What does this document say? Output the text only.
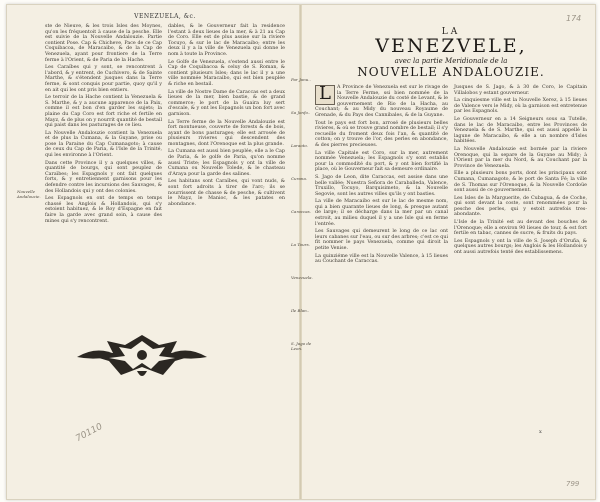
VENEZUELA, &c.
Nouvelle Andalouzie.

ste de Nieuve, & les trois Isles des Moynes, qu'on les fréquentoit à cause de la pesche. Elle est suivie de la Nouvelle Andalouzie. Partie contient Pose. Cap & Chicheve, Pace de ce Cap Coquibacoa, de Maracaibo, & de la Cap de Venezuela, ayant pour frontiere de la Terre ferme à l'Orient, & de Paria de la Hache.

Les Caraïbes qui y sont, se rencontrent à l'abord, & y entrent, de Cuchivero, & de Sainte Marthe, & s'étendent jusques dans la Terre ferme, & sont conquis pour partie, quoy qu'il y en ait qui les ont pris bien entiers.

Le terroir de la Hache contient la Venezuela & S. Marthe, & y a aucune apparence de la Paix, comme il est bon d'en garder les sujets; la plaine du Cap Coro est fort riche et fertile en Mayz, & de plus on y nourrit quantité de bestail qui paist dans les pasturages de ce lieu.

La Nouvelle Andalouzie contient la Venezuela et de plus la Cumana, & la Guyane, prise ou pose la Paraine du Cap Cumanagoto; à cause de ceux du Cap de Paria, & l'Isle de la Trinité, qui les environne à l'Orient.

Dans cette Province il y a quelques villes, & quantité de bourgs, qui sont peuplez de Caraïbes; les Espagnols y ont fait quelques forts, & y entretiennent garnisons pour les defendre contre les incursions des Sauvages, & des Hollandois qui y ont des colonies.

Les Espagnols en ont de temps en temps chassé les Anglois & Hollandois, qui s'y estoient habituez, & le Roy d'Espagne en fait faire la garde avec grand soin, à cause des mines qui s'y rencontrent.

dables, & le Gouverneur fait la residence l'estant à deux lieues de la mer, & à 21 au Cap de Coro. Elle est de plus assise sur la riviere Tocuyo, & sur le lac de Maracaibo; entre les deux il y a la ville de Venezuela qui donne le nom à toute la Province.

Le Golfe de Venezuela, s'estend aussi entre le Cap de Coquibacoa & celuy de S. Roman, & contient plusieurs Isles; dans le lac il y a une ville nommée Maracaibo, qui est bien peuplée & riche en bestail.

La ville de Nostre Dame de Caraccas est a deux lieues de la mer, bien bastie, & de grand commerce; le port de la Guaira luy sert d'escale, & y ont les Espagnols un bon fort avec garnison.

La Terre ferme de la Nouvelle Andalouzie est fort montueuse, couverte de forests & de bois, ayant de bons pasturages; elle est arrosée de plusieurs rivieres qui descendent des montagnes, dont l'Orenoque est la plus grande.

La Cumana est aussi bien peuplée, elle a le Cap de Paria, & le golfe de Paria, qu'on nomme aussi Triste; les Espagnols y ont la ville de Cumana ou Nouvelle Tolede, & le chasteau d'Araya pour la garde des salines.

Les habitans sont Caraïbes, qui vont nuds, & sont fort adroits à tirer de l'arc; ils se nourrissent de chasse & de pesche, & cultivent le Mayz, le Manioc, & les patates en abondance.

LA
VENEZVELE,
avec la partie Meridionale de la
NOUVELLE ANDALOUZIE.
Par Janu..
Sa Jonfo..
Laraoto.
Curana.
Caraccas.
La Tours.
Venezuela.
Ile Blan..
S. Jago de Leon.
L	A Province de Venezuela est sur le rivage de la Terre Ferme, ssi bien nommée de la Nouvelle Andalouzie du costé de Levant, & le gouvernement de Rio de la Hacha, au Couchant; & au Midy du nouveau Royaume de Grenade, & du Pays des Cannibales, & de la Guyane.

Tout le pays est fort bon, arrosé de plusieurs belles rivieres, & où se trouve grand nombre de bestail; il s'y recueille du froment deux fois l'an, & quantité de cotton; on y trouve de l'or, des perles en abondance, & des pierres precieuses.

La ville Capitale est Coro, sur la mer, autrement nommée Venezuela; les Espagnols s'y sont establis pour la commodité du port, & y ont bien fortifié la place, où le Gouverneur fait sa demeure ordinaire.

S. Jago de Leon, dite Caraccas, est assise dans une belle vallée; Nuestra Señora de Caraballeda, Valence, Truxillo, Tocuyo, Barquisimeto, & la Nouvelle Segovie, sont les autres villes qu'ils y ont basties.

La ville de Maracaibo est sur le lac de mesme nom, qui a bien quarante lieues de long, & presque autant de large; il se décharge dans la mer par un canal estroit, au milieu duquel il y a une Isle qui en ferme l'entrée.

Les Sauvages qui demeurent le long de ce lac ont leurs cabanes sur l'eau, ou sur des arbres; c'est ce qui fit nommer le pays Venezuela, comme qui diroit la petite Venise.

La quinziéme ville est la Nouvelle Valence, à 15 lieues au Couchant de Caraccas.

Jusques de S. Jago, & à 30 de Coro, le Capitain Villalobos y estant gouverneur.

La cinquiesme ville est la Nouvelle Xerez, à 15 lieues de Valence vers le Midy, où la garnison est entretenue par les Espagnols.

Le Gouverneur en a 14 Seigneurs sous sa Tutelle, dans le lac de Maracaibo, entre les Provinces de Venezuela & de S. Marthe, qui est aussi appellé la lagune de Maracaibo, & elle a un nombre d'Isles habitées.

La Nouvelle Andalouzie est bornée par la riviere Orenoque, qui la separe de la Guyane au Midy; à l'Orient par la mer du Nord, & au Couchant par la Province de Venezuela.

Elle a plusieurs bons ports, dont les principaux sont Cumana, Cumanagoto, & le port de Santa Fé; la ville de S. Thomas sur l'Orenoque, & la Nouvelle Cordoüe sont aussi de ce gouvernement.

Les Isles de la Marguerite, de Cubagua, & de Coche, qui sont devant la coste, sont renommées pour la pesche des perles, qui y estoit autrefois tres-abondante.

L'Isle de la Trinité est au devant des bouches de l'Orenoque; elle a environ 90 lieues de tour, & est fort fertile en tabac, cannes de sucre, & fruits du pays.

Les Espagnols y ont la ville de S. Joseph d'Oruña, & quelques autres bourgs; les Anglois & les Hollandois y ont aussi autrefois tenté des establissemens.

x
70110
174
799
